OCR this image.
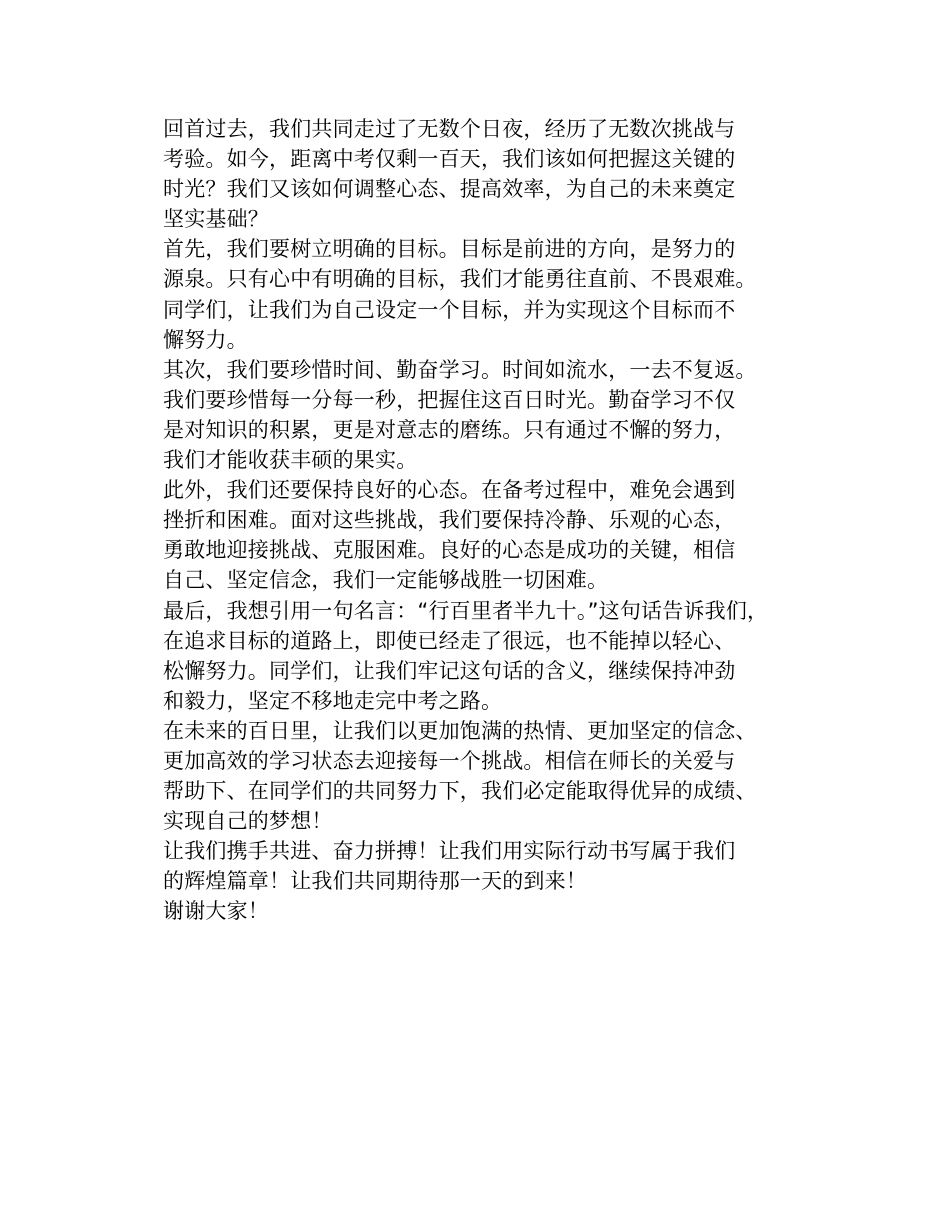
回首过去，我们共同走过了无数个日夜，经历了无数次挑战与
考验。如今，距离中考仅剩一百天，我们该如何把握这关键的
时光？我们又该如何调整心态、提高效率，为自己的未来奠定
坚实基础？

首先，我们要树立明确的目标。目标是前进的方向，是努力的
源泉。只有心中有明确的目标，我们才能勇往直前、不畏艰难。
同学们，让我们为自己设定一个目标，并为实现这个目标而不
懈努力。

其次，我们要珍惜时间、勤奋学习。时间如流水，一去不复返。
我们要珍惜每一分每一秒，把握住这百日时光。勤奋学习不仅
是对知识的积累，更是对意志的磨练。只有通过不懈的努力，
我们才能收获丰硕的果实。

此外，我们还要保持良好的心态。在备考过程中，难免会遇到
挫折和困难。面对这些挑战，我们要保持冷静、乐观的心态，
勇敢地迎接挑战、克服困难。良好的心态是成功的关键，相信
自己、坚定信念，我们一定能够战胜一切困难。

最后，我想引用一句名言：“行百里者半九十。”这句话告诉我们，
在追求目标的道路上，即使已经走了很远，也不能掉以轻心、
松懈努力。同学们，让我们牢记这句话的含义，继续保持冲劲
和毅力，坚定不移地走完中考之路。

在未来的百日里，让我们以更加饱满的热情、更加坚定的信念、
更加高效的学习状态去迎接每一个挑战。相信在师长的关爱与
帮助下、在同学们的共同努力下，我们必定能取得优异的成绩、
实现自己的梦想！

让我们携手共进、奋力拼搏！让我们用实际行动书写属于我们
的辉煌篇章！让我们共同期待那一天的到来！

谢谢大家！
